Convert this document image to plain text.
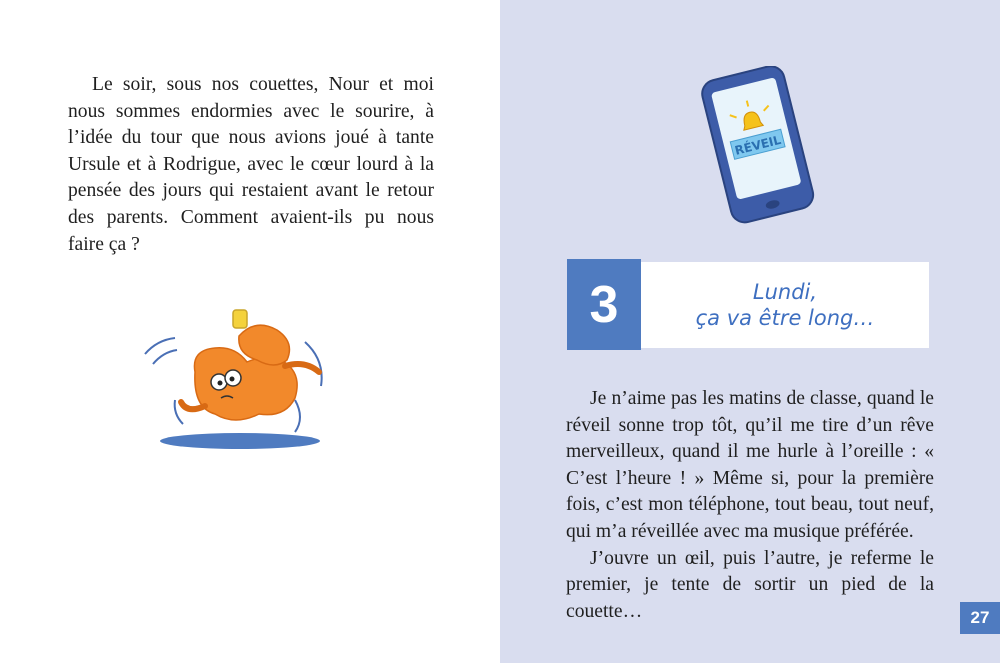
Le soir, sous nos couettes, Nour et moi nous sommes endormies avec le sourire, à l’idée du tour que nous avions joué à tante Ursule et à Rodrigue, avec le cœur lourd à la pensée des jours qui restaient avant le retour des parents. Comment avaient-ils pu nous faire ça ?

RÉVEIL
3	Lundi,
ça va être long…

Je n’aime pas les matins de classe, quand le réveil sonne trop tôt, qu’il me tire d’un rêve merveilleux, quand il me hurle à l’oreille : « C’est l’heure ! » Même si, pour la première fois, c’est mon téléphone, tout beau, tout neuf, qui m’a réveillée avec ma musique préférée.

J’ouvre un œil, puis l’autre, je referme le premier, je tente de sortir un pied de la couette…	27
